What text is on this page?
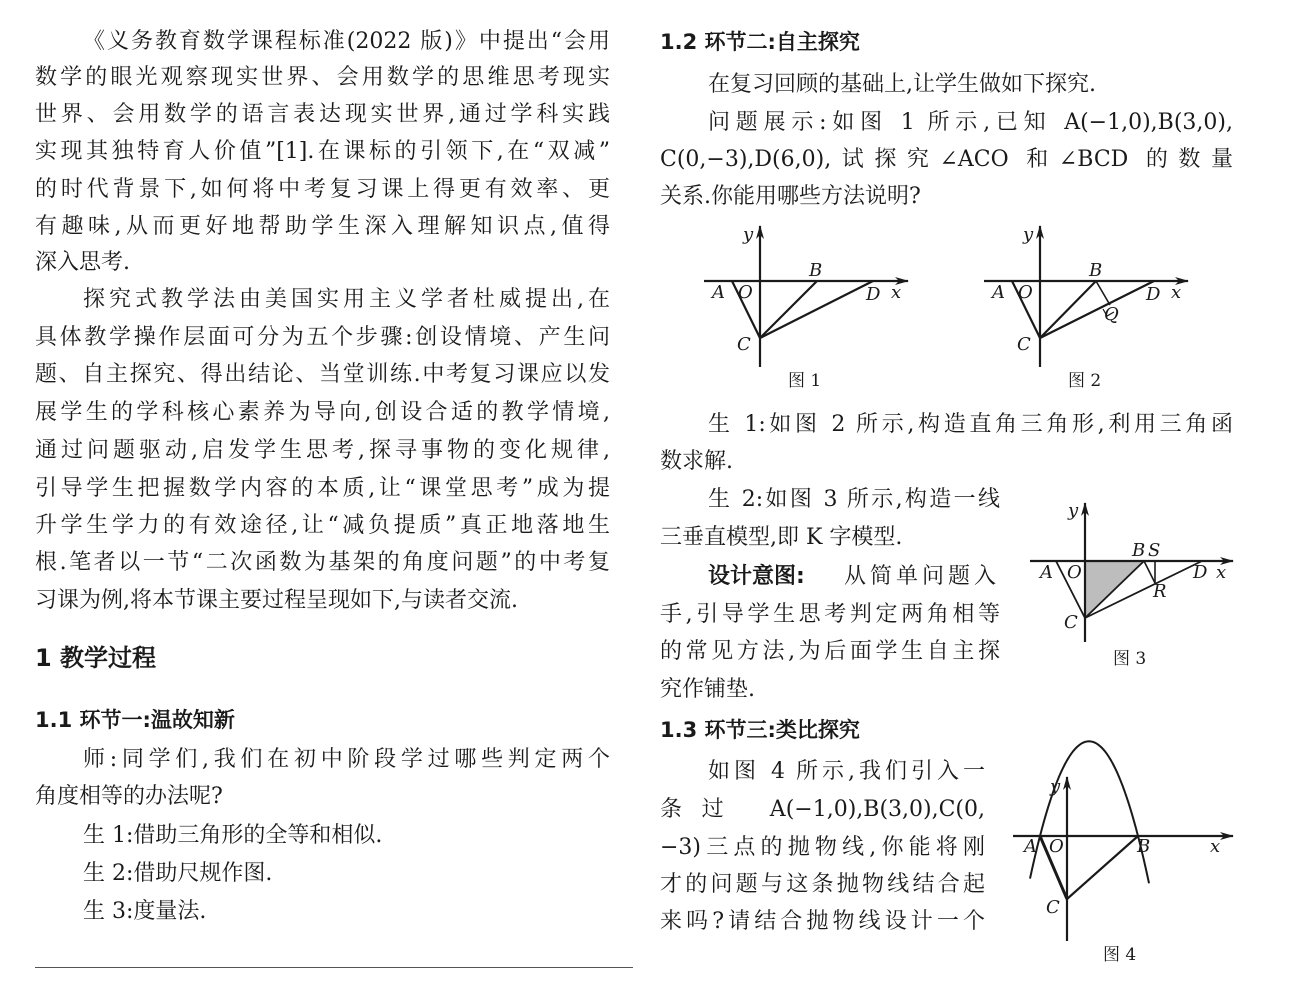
《义务教育数学课程标准(2022 版)》中提出“会用
数学的眼光观察现实世界、会用数学的思维思考现实
世界、会用数学的语言表达现实世界,通过学科实践
实现其独特育人价值”[1].在课标的引领下,在“双减”
的时代背景下,如何将中考复习课上得更有效率、更
有趣味,从而更好地帮助学生深入理解知识点,值得
深入思考.
探究式教学法由美国实用主义学者杜威提出,在
具体教学操作层面可分为五个步骤:创设情境、产生问
题、自主探究、得出结论、当堂训练.中考复习课应以发
展学生的学科核心素养为导向,创设合适的教学情境,
通过问题驱动,启发学生思考,探寻事物的变化规律,
引导学生把握数学内容的本质,让“课堂思考”成为提
升学生学力的有效途径,让“减负提质”真正地落地生
根.笔者以一节“二次函数为基架的角度问题”的中考复
习课为例,将本节课主要过程呈现如下,与读者交流.
1 教学过程
1.1 环节一:温故知新
师:同学们,我们在初中阶段学过哪些判定两个
角度相等的办法呢?
生 1:借助三角形的全等和相似.
生 2:借助尺规作图.
生 3:度量法.
1.2 环节二:自主探究
在复习回顾的基础上,让学生做如下探究.
问题展示:如图 1 所示,已知 A(−1,0),B(3,0),
C(0,−3),D(6,0),试探究∠ACO 和∠BCD 的数量
关系.你能用哪些方法说明?
图 1	图 2
生 1:如图 2 所示,构造直角三角形,利用三角函
数求解.
生 2:如图 3 所示,构造一线
三垂直模型,即 K 字模型.
设计意图: 从简单问题入
手,引导学生思考判定两角相等
的常见方法,为后面学生自主探
究作铺垫.
图 3
1.3 环节三:类比探究
如图 4 所示,我们引入一
条过 A(−1,0),B(3,0),C(0,
−3)三点的抛物线,你能将刚
才的问题与这条抛物线结合起
来吗?请结合抛物线设计一个
图 4
y
A O
B
C
D x
y
A O
B
C
D x
Q
y
A O
B S
R
C
D x
y
A O	B
C
x
